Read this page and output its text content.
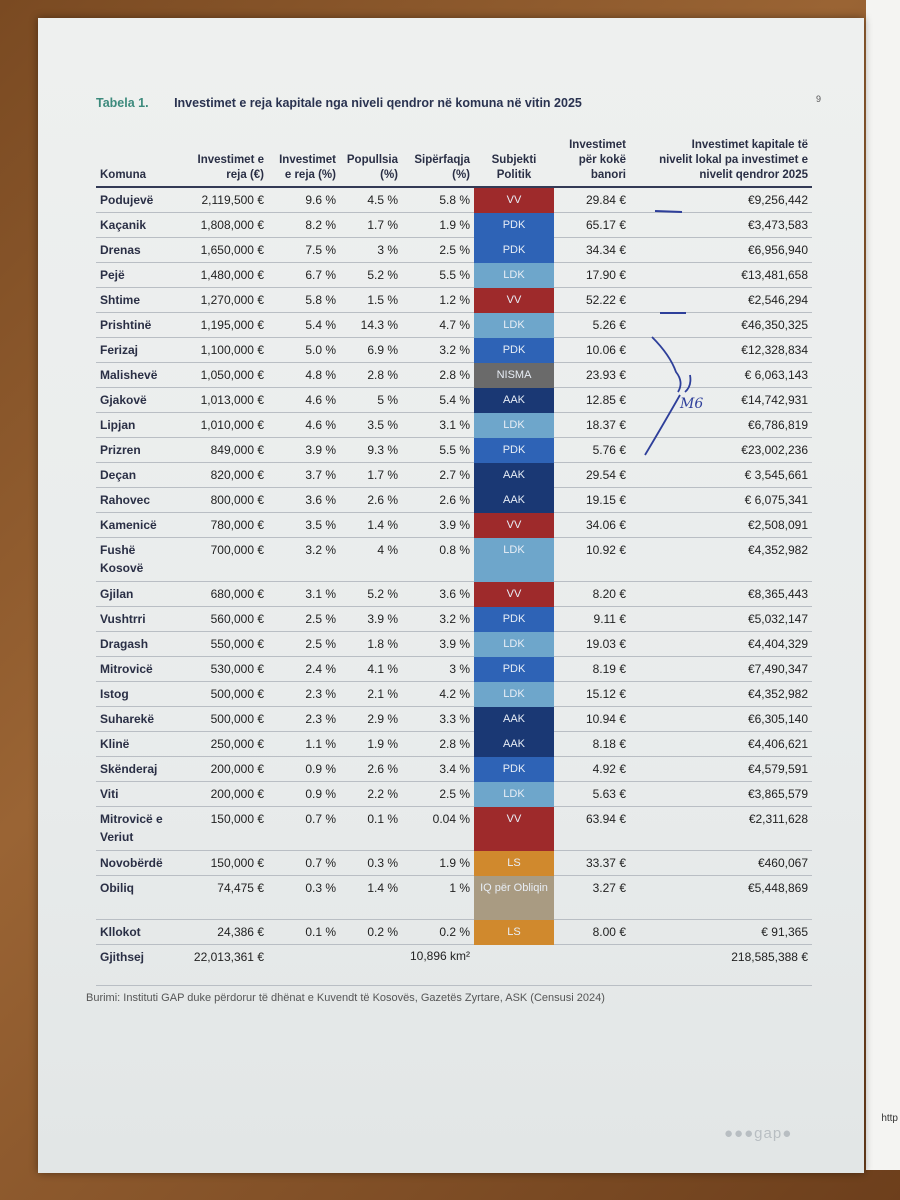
http
9
Tabela 1. Investimet e reja kapitale nga niveli qendror në komuna në vitin 2025
Komuna	Investimet e reja (€)	Investimet e reja (%)	Popullsia (%)	Sipërfaqja (%)	Subjekti Politik	Investimet për kokë banori		Investimet kapitale të nivelit lokal pa investimet e nivelit qendror 2025
Podujevë	2,119,500 €	9.6 %	4.5 %	5.8 %	VV	29.84 €		€9,256,442
Kaçanik	1,808,000 €	8.2 %	1.7 %	1.9 %	PDK	65.17 €		€3,473,583
Drenas	1,650,000 €	7.5 %	3 %	2.5 %	PDK	34.34 €		€6,956,940
Pejë	1,480,000 €	6.7 %	5.2 %	5.5 %	LDK	17.90 €		€13,481,658
Shtime	1,270,000 €	5.8 %	1.5 %	1.2 %	VV	52.22 €		€2,546,294
Prishtinë	1,195,000 €	5.4 %	14.3 %	4.7 %	LDK	5.26 €		€46,350,325
Ferizaj	1,100,000 €	5.0 %	6.9 %	3.2 %	PDK	10.06 €		€12,328,834
Malishevë	1,050,000 €	4.8 %	2.8 %	2.8 %	NISMA	23.93 €		€ 6,063,143
Gjakovë	1,013,000 €	4.6 %	5 %	5.4 %	AAK	12.85 €		€14,742,931
Lipjan	1,010,000 €	4.6 %	3.5 %	3.1 %	LDK	18.37 €		€6,786,819
Prizren	849,000 €	3.9 %	9.3 %	5.5 %	PDK	5.76 €		€23,002,236
Deçan	820,000 €	3.7 %	1.7 %	2.7 %	AAK	29.54 €		€ 3,545,661
Rahovec	800,000 €	3.6 %	2.6 %	2.6 %	AAK	19.15 €		€ 6,075,341
Kamenicë	780,000 €	3.5 %	1.4 %	3.9 %	VV	34.06 €		€2,508,091
Fushë Kosovë	700,000 €	3.2 %	4 %	0.8 %	LDK	10.92 €		€4,352,982
Gjilan	680,000 €	3.1 %	5.2 %	3.6 %	VV	8.20 €		€8,365,443
Vushtrri	560,000 €	2.5 %	3.9 %	3.2 %	PDK	9.11 €		€5,032,147
Dragash	550,000 €	2.5 %	1.8 %	3.9 %	LDK	19.03 €		€4,404,329
Mitrovicë	530,000 €	2.4 %	4.1 %	3 %	PDK	8.19 €		€7,490,347
Istog	500,000 €	2.3 %	2.1 %	4.2 %	LDK	15.12 €		€4,352,982
Suharekë	500,000 €	2.3 %	2.9 %	3.3 %	AAK	10.94 €		€6,305,140
Klinë	250,000 €	1.1 %	1.9 %	2.8 %	AAK	8.18 €		€4,406,621
Skënderaj	200,000 €	0.9 %	2.6 %	3.4 %	PDK	4.92 €		€4,579,591
Viti	200,000 €	0.9 %	2.2 %	2.5 %	LDK	5.63 €		€3,865,579
Mitrovicë e Veriut	150,000 €	0.7 %	0.1 %	0.04 %	VV	63.94 €		€2,311,628
Novobërdë	150,000 €	0.7 %	0.3 %	1.9 %	LS	33.37 €		€460,067
Obiliq	74,475 €	0.3 %	1.4 %	1 %	IQ për Obliqin	3.27 €		€5,448,869
Kllokot	24,386 €	0.1 %	0.2 %	0.2 %	LS	8.00 €		€ 91,365
Gjithsej	22,013,361 €			10,896 km²				218,585,388 €
Burimi: Instituti GAP duke përdorur të dhënat e Kuvendt të Kosovës, Gazetës Zyrtare, ASK (Censusi 2024)
●●●gap●
M6
